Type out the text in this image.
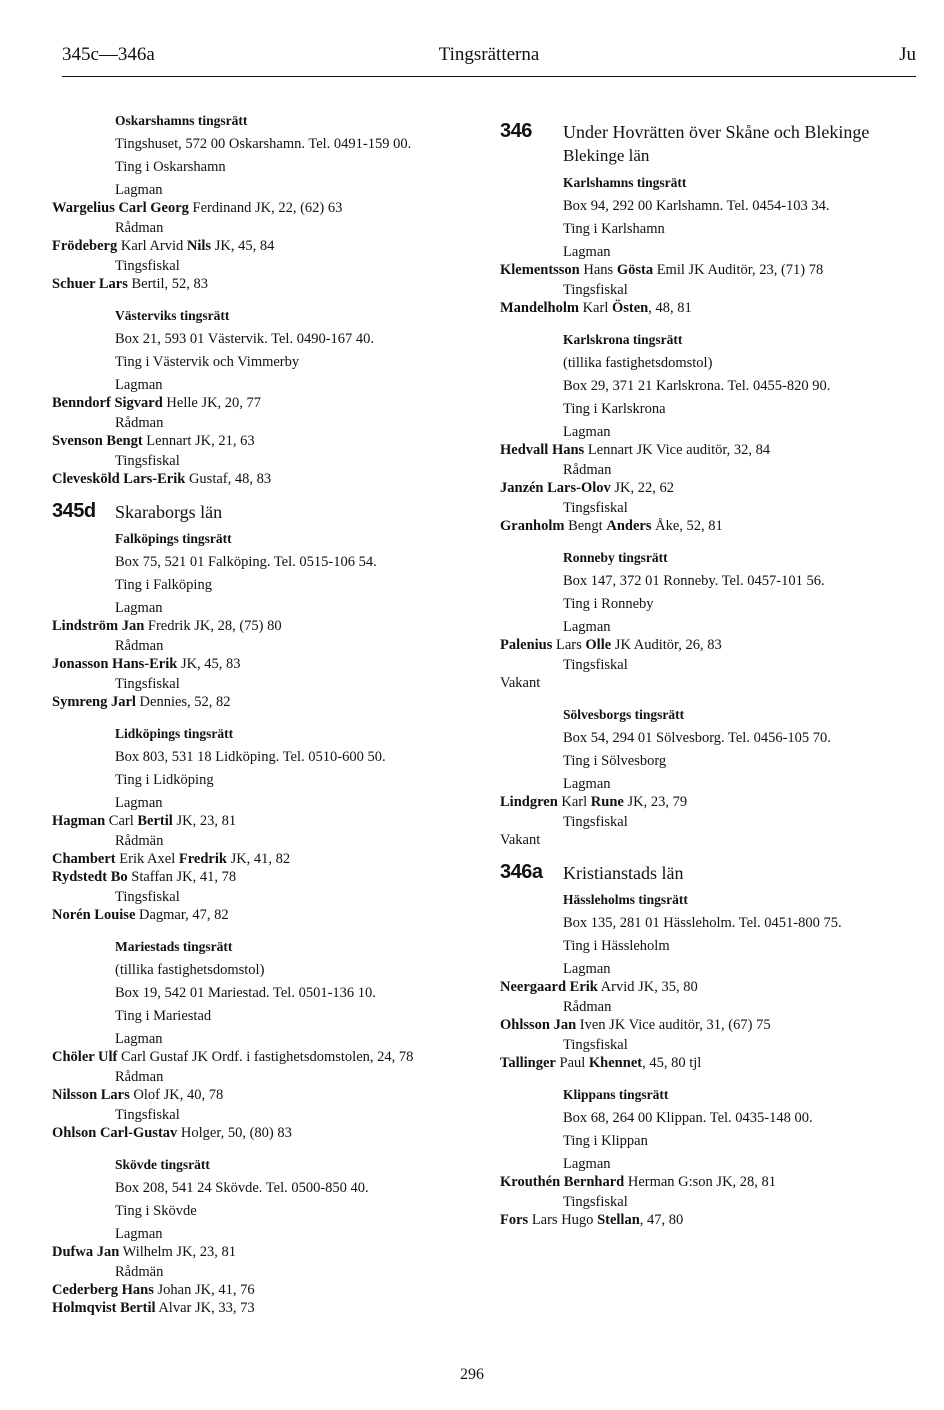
345c—346a	Tingsrätterna	Ju
Oskarshamns tingsrätt
Tingshuset, 572 00 Oskarshamn. Tel. 0491-159 00.
Ting i Oskarshamn
Lagman
Wargelius Carl Georg Ferdinand JK, 22, (62) 63
Rådman
Frödeberg Karl Arvid Nils JK, 45, 84
Tingsfiskal
Schuer Lars Bertil, 52, 83
Västerviks tingsrätt
Box 21, 593 01 Västervik. Tel. 0490-167 40.
Ting i Västervik och Vimmerby
Lagman
Benndorf Sigvard Helle JK, 20, 77
Rådman
Svenson Bengt Lennart JK, 21, 63
Tingsfiskal
Clevesköld Lars-Erik Gustaf, 48, 83
345d	Skaraborgs län
Falköpings tingsrätt
Box 75, 521 01 Falköping. Tel. 0515-106 54.
Ting i Falköping
Lagman
Lindström Jan Fredrik JK, 28, (75) 80
Rådman
Jonasson Hans-Erik JK, 45, 83
Tingsfiskal
Symreng Jarl Dennies, 52, 82
Lidköpings tingsrätt
Box 803, 531 18 Lidköping. Tel. 0510-600 50.
Ting i Lidköping
Lagman
Hagman Carl Bertil JK, 23, 81
Rådmän
Chambert Erik Axel Fredrik JK, 41, 82
Rydstedt Bo Staffan JK, 41, 78
Tingsfiskal
Norén Louise Dagmar, 47, 82
Mariestads tingsrätt
(tillika fastighetsdomstol)
Box 19, 542 01 Mariestad. Tel. 0501-136 10.
Ting i Mariestad
Lagman
Chöler Ulf Carl Gustaf JK Ordf. i fastighetsdomstolen, 24, 78
Rådman
Nilsson Lars Olof JK, 40, 78
Tingsfiskal
Ohlson Carl-Gustav Holger, 50, (80) 83
Skövde tingsrätt
Box 208, 541 24 Skövde. Tel. 0500-850 40.
Ting i Skövde
Lagman
Dufwa Jan Wilhelm JK, 23, 81
Rådmän
Cederberg Hans Johan JK, 41, 76
Holmqvist Bertil Alvar JK, 33, 73
346	Under Hovrätten över Skåne och Blekinge
Blekinge län
Karlshamns tingsrätt
Box 94, 292 00 Karlshamn. Tel. 0454-103 34.
Ting i Karlshamn
Lagman
Klementsson Hans Gösta Emil JK Auditör, 23, (71) 78
Tingsfiskal
Mandelholm Karl Östen, 48, 81
Karlskrona tingsrätt
(tillika fastighetsdomstol)
Box 29, 371 21 Karlskrona. Tel. 0455-820 90.
Ting i Karlskrona
Lagman
Hedvall Hans Lennart JK Vice auditör, 32, 84
Rådman
Janzén Lars-Olov JK, 22, 62
Tingsfiskal
Granholm Bengt Anders Åke, 52, 81
Ronneby tingsrätt
Box 147, 372 01 Ronneby. Tel. 0457-101 56.
Ting i Ronneby
Lagman
Palenius Lars Olle JK Auditör, 26, 83
Tingsfiskal
Vakant
Sölvesborgs tingsrätt
Box 54, 294 01 Sölvesborg. Tel. 0456-105 70.
Ting i Sölvesborg
Lagman
Lindgren Karl Rune JK, 23, 79
Tingsfiskal
Vakant
346a	Kristianstads län
Hässleholms tingsrätt
Box 135, 281 01 Hässleholm. Tel. 0451-800 75.
Ting i Hässleholm
Lagman
Neergaard Erik Arvid JK, 35, 80
Rådman
Ohlsson Jan Iven JK Vice auditör, 31, (67) 75
Tingsfiskal
Tallinger Paul Khennet, 45, 80 tjl
Klippans tingsrätt
Box 68, 264 00 Klippan. Tel. 0435-148 00.
Ting i Klippan
Lagman
Krouthén Bernhard Herman G:son JK, 28, 81
Tingsfiskal
Fors Lars Hugo Stellan, 47, 80
296
